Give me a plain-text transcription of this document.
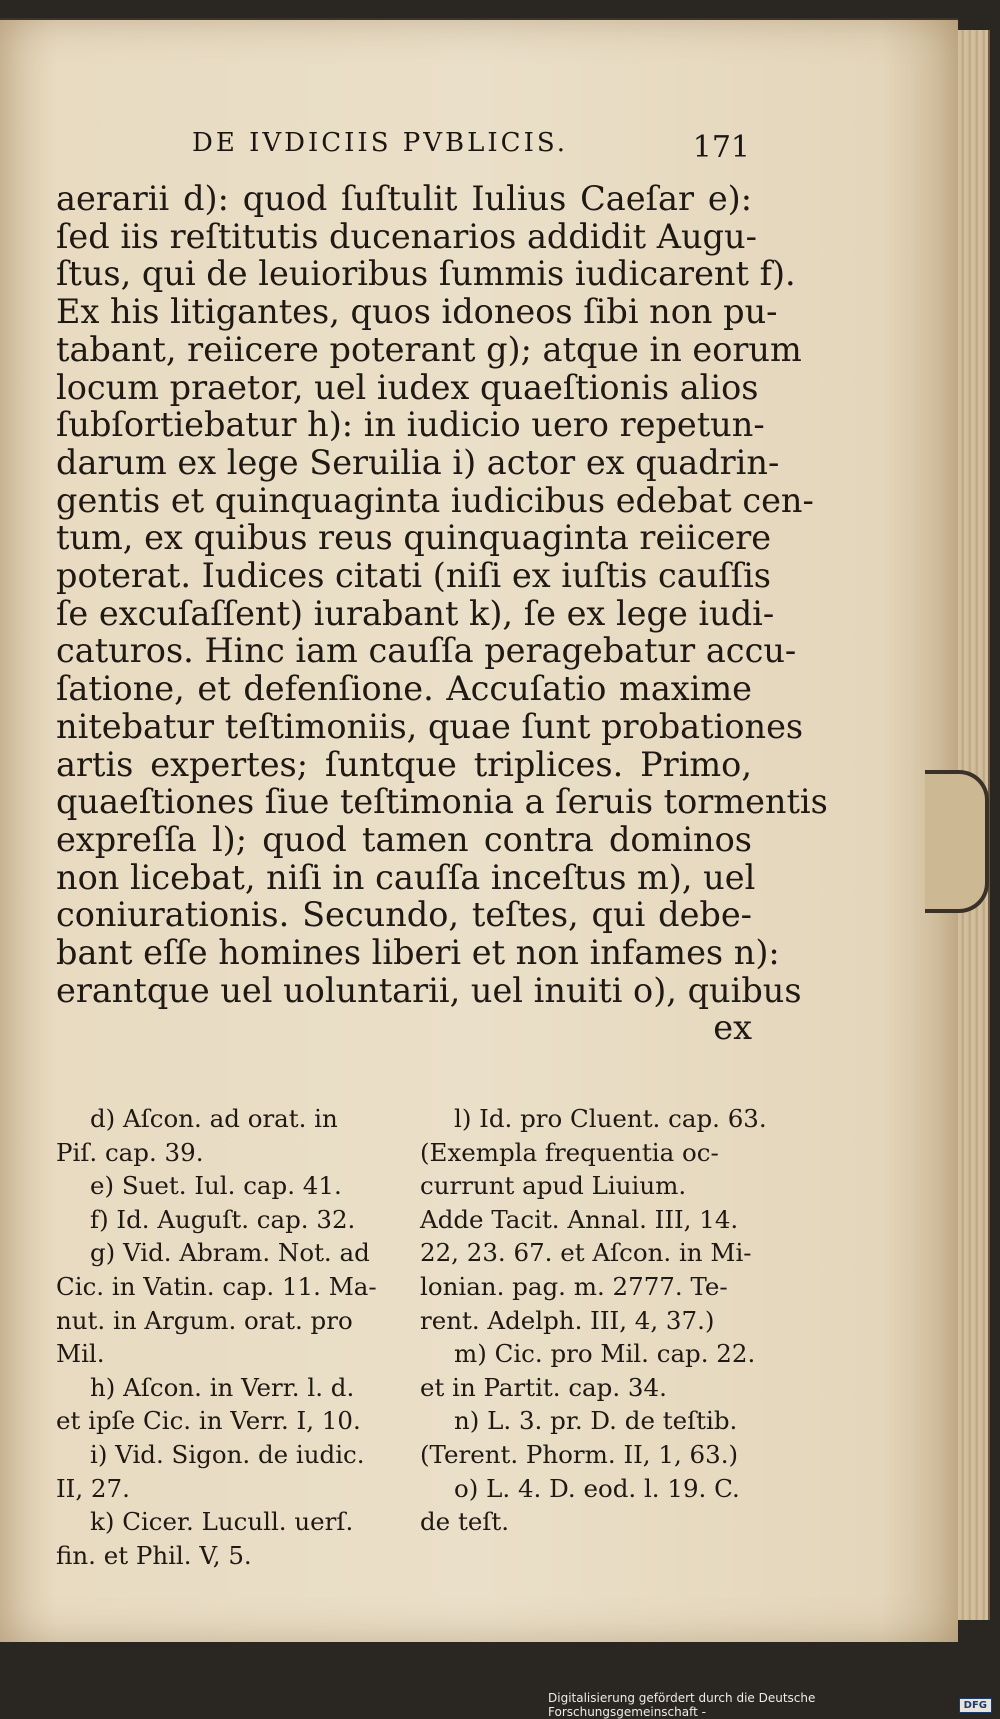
DE IVDICIIS PVBLICIS.	171
aerarii d): quod ſuſtulit Iulius Caeſar e):
ſed iis reſtitutis ducenarios addidit Augu-
ſtus, qui de leuioribus ſummis iudicarent f).
Ex his litigantes, quos idoneos ſibi non pu-
tabant, reiicere poterant g); atque in eorum
locum praetor, uel iudex quaeſtionis alios
ſubſortiebatur h): in iudicio uero repetun-
darum ex lege Seruilia i) actor ex quadrin-
gentis et quinquaginta iudicibus edebat cen-
tum, ex quibus reus quinquaginta reiicere
poterat. Iudices citati (niſi ex iuſtis cauſſis
ſe excuſaſſent) iurabant k), ſe ex lege iudi-
caturos. Hinc iam cauſſa peragebatur accu-
ſatione, et defenſione. Accuſatio maxime
nitebatur teſtimoniis, quae ſunt probationes
artis expertes; ſuntque triplices. Primo,
quaeſtiones ſiue teſtimonia a ſeruis tormentis
expreſſa l); quod tamen contra dominos
non licebat, niſi in cauſſa inceſtus m), uel
coniurationis. Secundo, teſtes, qui debe-
bant eſſe homines liberi et non infames n):
erantque uel uoluntarii, uel inuiti o), quibus
ex
d) Aſcon. ad orat. in
Piſ. cap. 39.
e) Suet. Iul. cap. 41.
f) Id. Auguſt. cap. 32.
g) Vid. Abram. Not. ad
Cic. in Vatin. cap. 11. Ma-
nut. in Argum. orat. pro
Mil.
h) Aſcon. in Verr. l. d.
et ipſe Cic. in Verr. I, 10.
i) Vid. Sigon. de iudic.
II, 27.
k) Cicer. Lucull. uerſ.
fin. et Phil. V, 5.
l) Id. pro Cluent. cap. 63.
(Exempla frequentia oc-
currunt apud Liuium.
Adde Tacit. Annal. III, 14.
22, 23. 67. et Aſcon. in Mi-
lonian. pag. m. 2777. Te-
rent. Adelph. III, 4, 37.)
m) Cic. pro Mil. cap. 22.
et in Partit. cap. 34.
n) L. 3. pr. D. de teſtib.
(Terent. Phorm. II, 1, 63.)
o) L. 4. D. eod. l. 19. C.
de teſt.
Digitalisierung gefördert durch die Deutsche Forschungsgemeinschaft -	DFG
